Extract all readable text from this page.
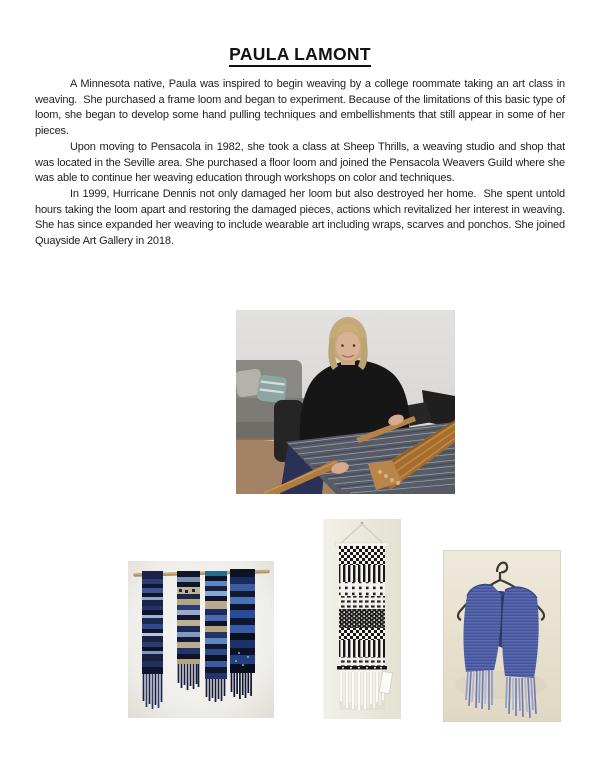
PAULA LAMONT

A Minnesota native, Paula was inspired to begin weaving by a college roommate taking an art class in weaving.  She purchased a frame loom and began to experiment. Because of the limitations of this basic type of loom, she began to develop some hand pulling techniques and embellishments that still appear in some of her pieces.

Upon moving to Pensacola in 1982, she took a class at Sheep Thrills, a weaving studio and shop that was located in the Seville area. She purchased a floor loom and joined the Pensacola Weavers Guild where she was able to continue her weaving education through workshops on color and techniques.

In 1999, Hurricane Dennis not only damaged her loom but also destroyed her home.  She spent untold hours taking the loom apart and restoring the damaged pieces, actions which revitalized her interest in weaving.  She has since expanded her weaving to include wearable art including wraps, scarves and ponchos. She joined Quayside Art Gallery in 2018.
